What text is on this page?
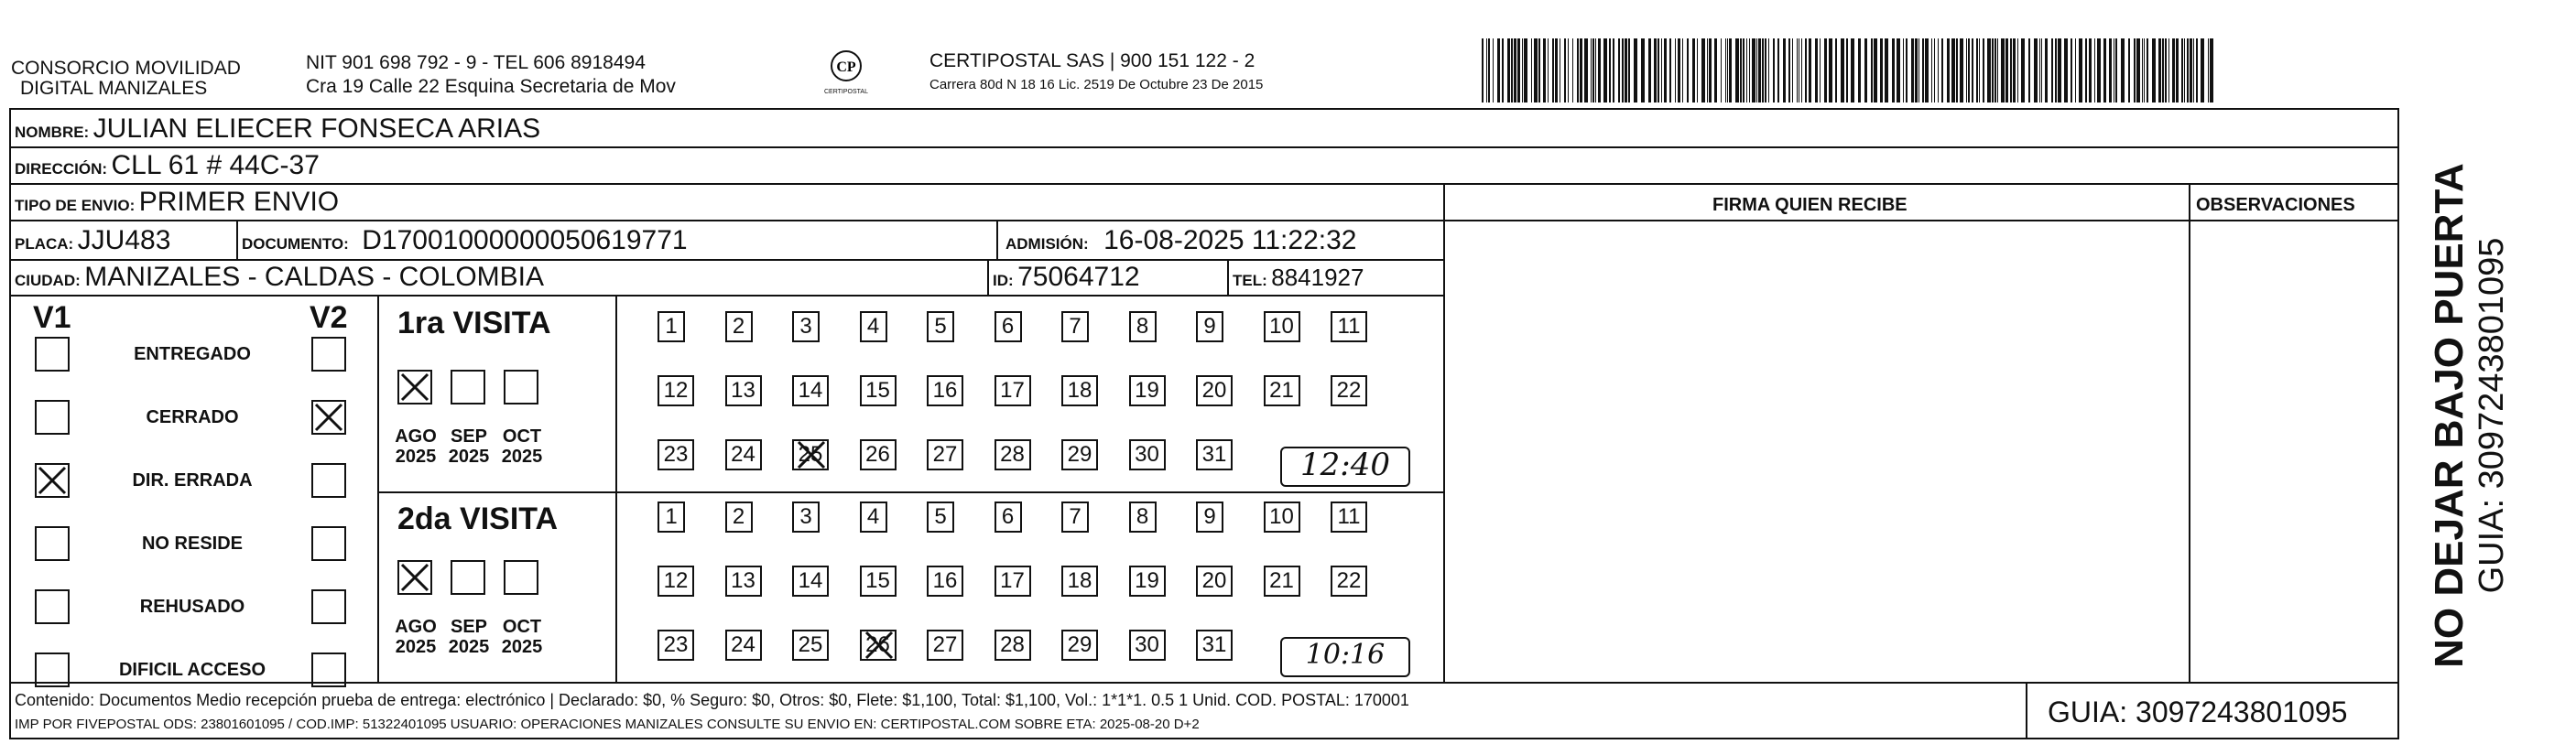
CONSORCIO MOVILIDAD
DIGITAL MANIZALES
NIT 901 698 792 - 9 - TEL 606 8918494
Cra 19 Calle 22 Esquina Secretaria de Mov
CP
CERTIPOSTAL
CERTIPOSTAL SAS | 900 151 122 - 2
Carrera 80d N 18 16 Lic. 2519 De Octubre 23 De 2015
NOMBRE: JULIAN ELIECER FONSECA ARIAS
DIRECCIÓN: CLL 61 # 44C-37
TIPO DE ENVIO: PRIMER ENVIO	FIRMA QUIEN RECIBE	OBSERVACIONES
PLACA: JJU483	DOCUMENTO: D17001000000050619771	ADMISIÓN: 16-08-2025 11:22:32
CIUDAD: MANIZALES - CALDAS - COLOMBIA	ID: 75064712	TEL: 8841927
V1	V2
ENTREGADO
CERRADO
DIR. ERRADA
NO RESIDE
REHUSADO
DIFICIL ACCESO
1ra VISITA
2da VISITA
AGO
2025
SEP
2025
OCT
2025
1	2	3	4	5	6	7	8	9	10	11
12 13 14 15 16 17 18 19 20 21 22
23 24 25 26 27 28 29 30 31
AGO
2025
SEP
2025
OCT
2025
1	2	3	4	5	6	7	8	9	10	11
12 13 14 15 16 17 18 19 20 21 22
23 24 25 26 27 28 29 30 31
12:40
10:16
Contenido: Documentos Medio recepción prueba de entrega: electrónico | Declarado: $0, % Seguro: $0, Otros: $0, Flete: $1,100, Total: $1,100, Vol.: 1*1*1. 0.5 1 Unid. COD. POSTAL: 170001
IMP POR FIVEPOSTAL ODS: 23801601095 / COD.IMP: 51322401095 USUARIO: OPERACIONES MANIZALES CONSULTE SU ENVIO EN: CERTIPOSTAL.COM SOBRE ETA: 2025-08-20 D+2	GUIA: 3097243801095
NO DEJAR BAJO PUERTA GUIA: 3097243801095
